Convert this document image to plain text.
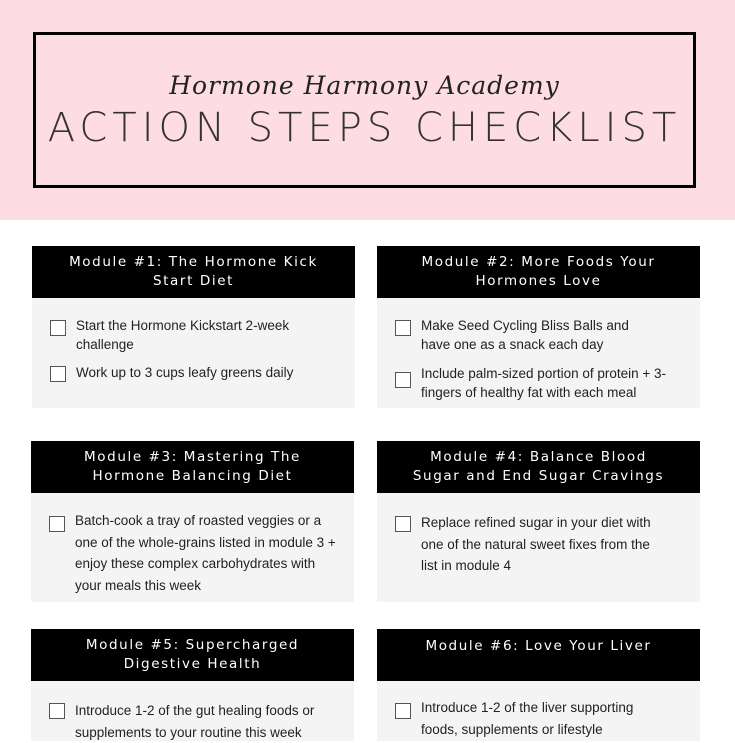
Hormone Harmony Academy
ACTION STEPS CHECKLIST
Module #1: The Hormone Kick
Start Diet
Start the Hormone Kickstart 2-week challenge
Work up to 3 cups leafy greens daily
Module #2: More Foods Your
Hormones Love
Make Seed Cycling Bliss Balls and have one as a snack each day
Include palm-sized portion of protein + 3-fingers of healthy fat with each meal
Module #3: Mastering The
Hormone Balancing Diet
Batch-cook a tray of roasted veggies or a one of the whole-grains listed in module 3 + enjoy these complex carbohydrates with your meals this week
Module #4: Balance Blood
Sugar and End Sugar Cravings
Replace refined sugar in your diet with one of the natural sweet fixes from the list in module 4
Module #5: Supercharged
Digestive Health
Introduce 1-2 of the gut healing foods or supplements to your routine this week
Module #6: Love Your Liver
Introduce 1-2 of the liver supporting foods, supplements or lifestyle
